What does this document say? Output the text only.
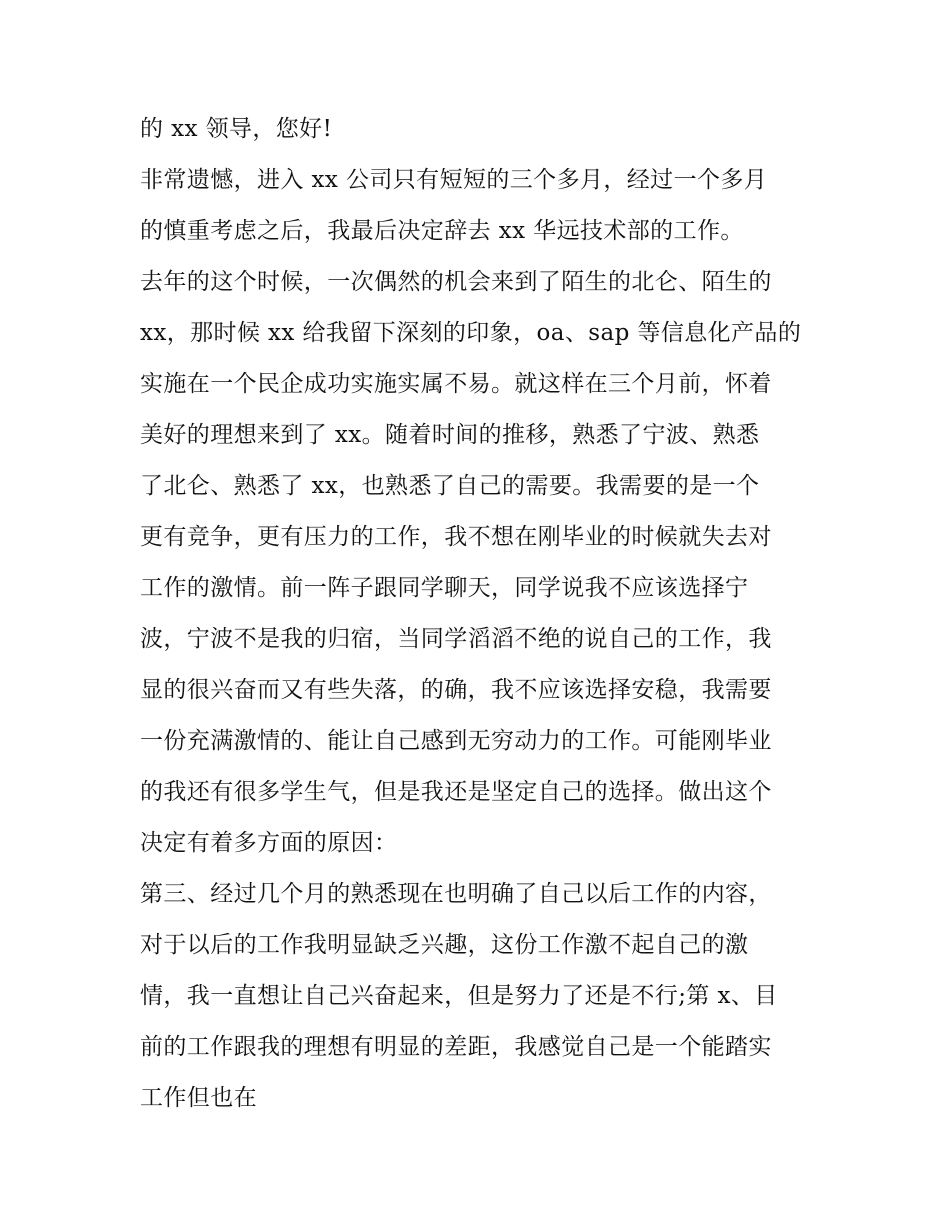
的 xx 领导，您好!
非常遗憾，进入 xx 公司只有短短的三个多月，经过一个多月
的慎重考虑之后，我最后决定辞去 xx 华远技术部的工作。
去年的这个时候，一次偶然的机会来到了陌生的北仑、陌生的
xx，那时候 xx 给我留下深刻的印象，oa、sap 等信息化产品的
实施在一个民企成功实施实属不易。就这样在三个月前，怀着
美好的理想来到了 xx。随着时间的推移，熟悉了宁波、熟悉
了北仑、熟悉了 xx，也熟悉了自己的需要。我需要的是一个
更有竞争，更有压力的工作，我不想在刚毕业的时候就失去对
工作的激情。前一阵子跟同学聊天，同学说我不应该选择宁
波，宁波不是我的归宿，当同学滔滔不绝的说自己的工作，我
显的很兴奋而又有些失落，的确，我不应该选择安稳，我需要
一份充满激情的、能让自己感到无穷动力的工作。可能刚毕业
的我还有很多学生气，但是我还是坚定自己的选择。做出这个
决定有着多方面的原因：
第三、经过几个月的熟悉现在也明确了自己以后工作的内容，
对于以后的工作我明显缺乏兴趣，这份工作激不起自己的激
情，我一直想让自己兴奋起来，但是努力了还是不行;第 x、目
前的工作跟我的理想有明显的差距，我感觉自己是一个能踏实
工作但也在
